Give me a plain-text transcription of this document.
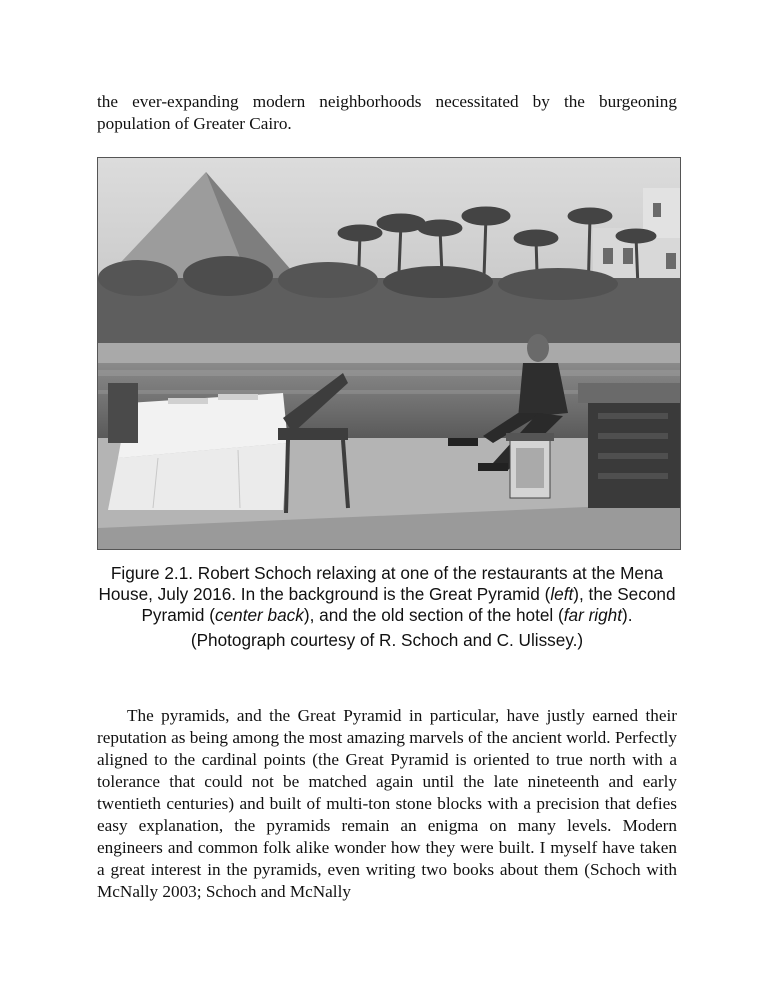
the ever-expanding modern neighborhoods necessitated by the burgeoning population of Greater Cairo.

Figure 2.1. Robert Schoch relaxing at one of the restaurants at the Mena House, July 2016. In the background is the Great Pyramid (left), the Second Pyramid (center back), and the old section of the hotel (far right).

(Photograph courtesy of R. Schoch and C. Ulissey.)

The pyramids, and the Great Pyramid in particular, have justly earned their reputation as being among the most amazing marvels of the ancient world. Perfectly aligned to the cardinal points (the Great Pyramid is oriented to true north with a tolerance that could not be matched again until the late nineteenth and early twentieth centuries) and built of multi-ton stone blocks with a precision that defies easy explanation, the pyramids remain an enigma on many levels. Modern engineers and common folk alike wonder how they were built. I myself have taken a great interest in the pyramids, even writing two books about them (Schoch with McNally 2003; Schoch and McNally
